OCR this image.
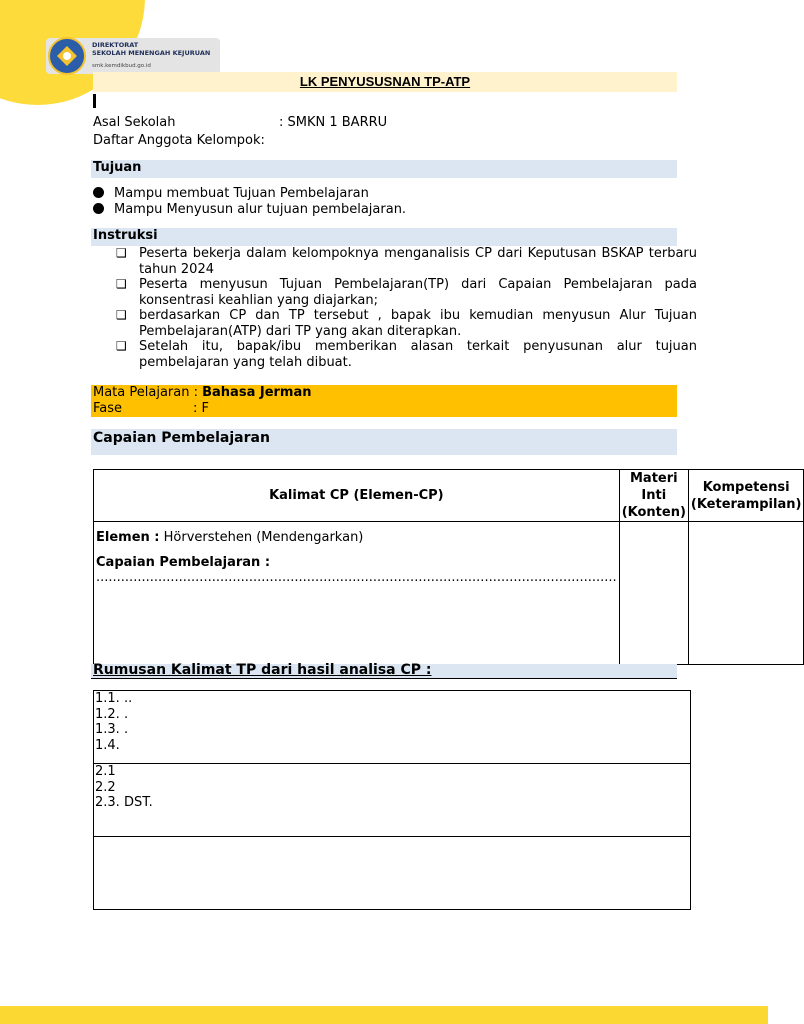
DIREKTORAT
SEKOLAH MENENGAH KEJURUAN
smk.kemdikbud.go.id
LK PENYUSUSNAN TP-ATP
Asal Sekolah	: SMKN 1 BARRU
Daftar Anggota Kelompok:
Tujuan
Mampu membuat Tujuan Pembelajaran
Mampu Menyusun alur tujuan pembelajaran.
Instruksi
❑ Peserta bekerja dalam kelompoknya menganalisis CP dari Keputusan BSKAP terbaru tahun 2024
❑ Peserta menyusun Tujuan Pembelajaran(TP) dari Capaian Pembelajaran pada konsentrasi keahlian yang diajarkan;
❑ berdasarkan CP dan TP tersebut , bapak ibu kemudian menyusun Alur Tujuan Pembelajaran(ATP) dari TP yang akan diterapkan.
❑ Setelah itu, bapak/ibu memberikan alasan terkait penyusunan alur tujuan pembelajaran yang telah dibuat.
Mata Pelajaran : Bahasa Jerman
Fase	: F
Capaian Pembelajaran
Kalimat CP (Elemen-CP)	Materi Inti (Konten)	Kompetensi (Keterampilan)

Elemen : Hörverstehen (Mendengarkan)
Capaian Pembelajaran : ..............................................................................................................................		

Rumusan Kalimat TP dari hasil analisa CP :
1.1. ..
1.2. .
1.3. .
1.4.

2.1
2.2
2.3. DST.
